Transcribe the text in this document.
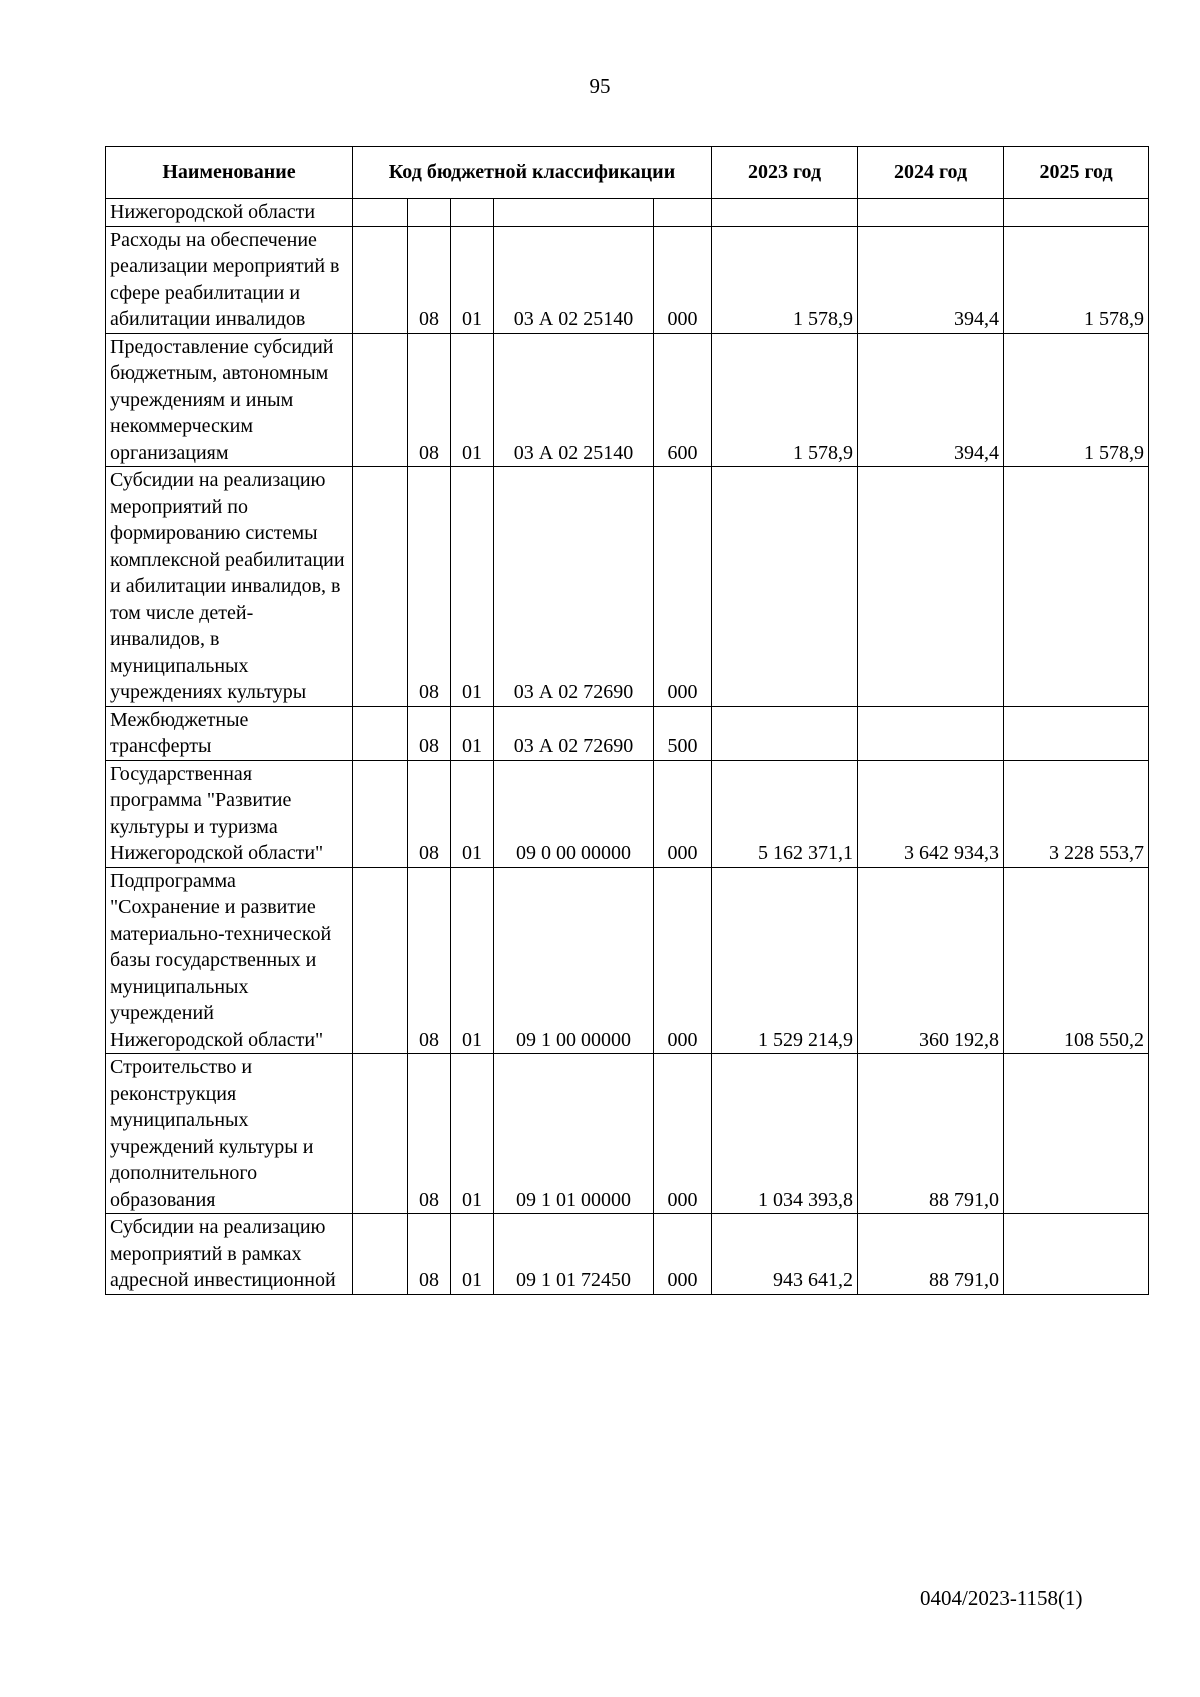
95
Наименование	Код бюджетной классификации					2023 год	2024 год	2025 год
Нижегородской области								
Расходы на обеспечение реализации мероприятий в сфере реабилитации и абилитации инвалидов		08	01	03 А 02 25140	000	1 578,9	394,4	1 578,9
Предоставление субсидий бюджетным, автономным учреждениям и иным некоммерческим организациям		08	01	03 А 02 25140	600	1 578,9	394,4	1 578,9
Субсидии на реализацию мероприятий по формированию системы комплексной реабилитации и абилитации инвалидов, в том числе детей-инвалидов, в муниципальных учреждениях культуры		08	01	03 А 02 72690	000			
Межбюджетные трансферты		08	01	03 А 02 72690	500			
Государственная программа "Развитие культуры и туризма Нижегородской области"		08	01	09 0 00 00000	000	5 162 371,1	3 642 934,3	3 228 553,7
Подпрограмма "Сохранение и развитие материально-технической базы государственных и муниципальных учреждений Нижегородской области"		08	01	09 1 00 00000	000	1 529 214,9	360 192,8	108 550,2
Строительство и реконструкция муниципальных учреждений культуры и дополнительного образования		08	01	09 1 01 00000	000	1 034 393,8	88 791,0	
Субсидии на реализацию мероприятий в рамках адресной инвестиционной		08	01	09 1 01 72450	000	943 641,2	88 791,0	
0404/2023-1158(1)
